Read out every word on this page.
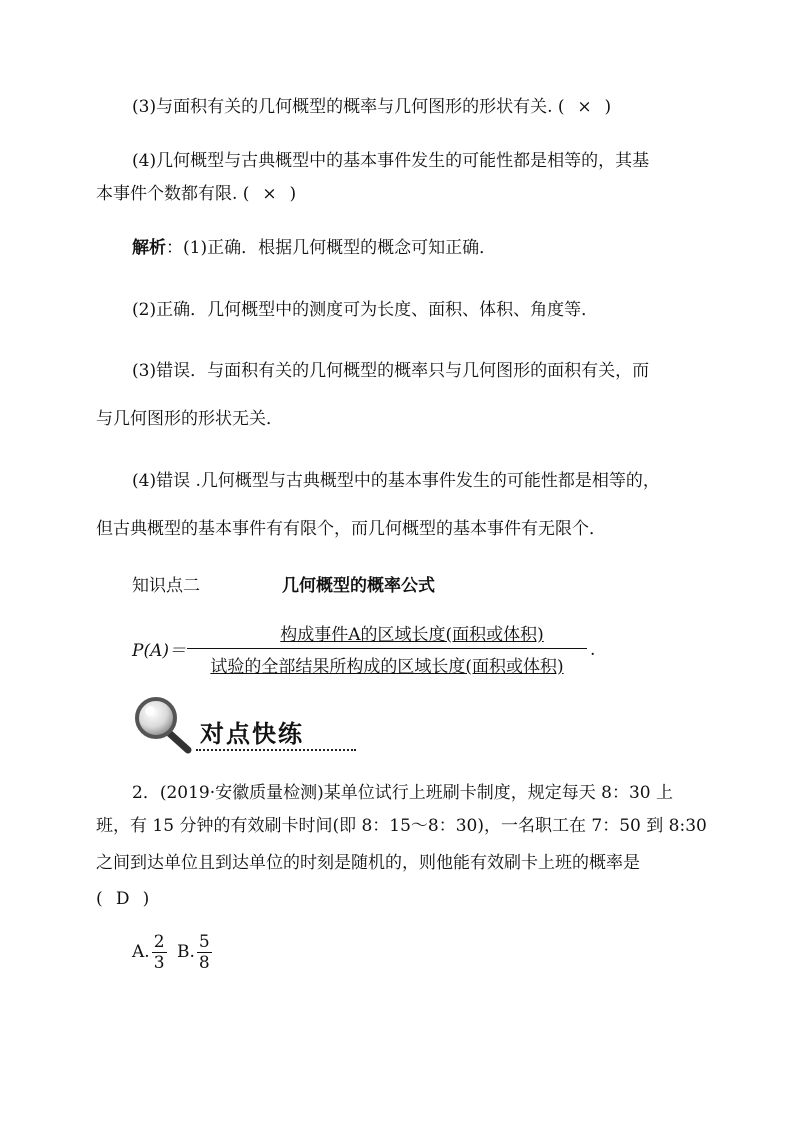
(3)与面积有关的几何概型的概率与几何图形的形状有关. ( × )
(4)几何概型与古典概型中的基本事件发生的可能性都是相等的，其基
本事件个数都有限. ( × )
解析：(1)正确．根据几何概型的概念可知正确．
(2)正确．几何概型中的测度可为长度、面积、体积、角度等．
(3)错误．与面积有关的几何概型的概率只与几何图形的面积有关，而
与几何图形的形状无关．
(4)错误 .几何概型与古典概型中的基本事件发生的可能性都是相等的，
但古典概型的基本事件有有限个，而几何概型的基本事件有无限个．
知识点二	几何概型的概率公式
P(A)＝
构成事件A的区域长度(面积或体积)
试验的全部结果所构成的区域长度(面积或体积)
.
对点快练
2．(2019·安徽质量检测)某单位试行上班刷卡制度，规定每天 8：30 上
班，有 15 分钟的有效刷卡时间(即 8：15～8：30)，一名职工在 7：50 到 8:30
之间到达单位且到达单位的时刻是随机的，则他能有效刷卡上班的概率是
( D )
A. $\frac{2}{3} B$. $\frac{5}{8}$
